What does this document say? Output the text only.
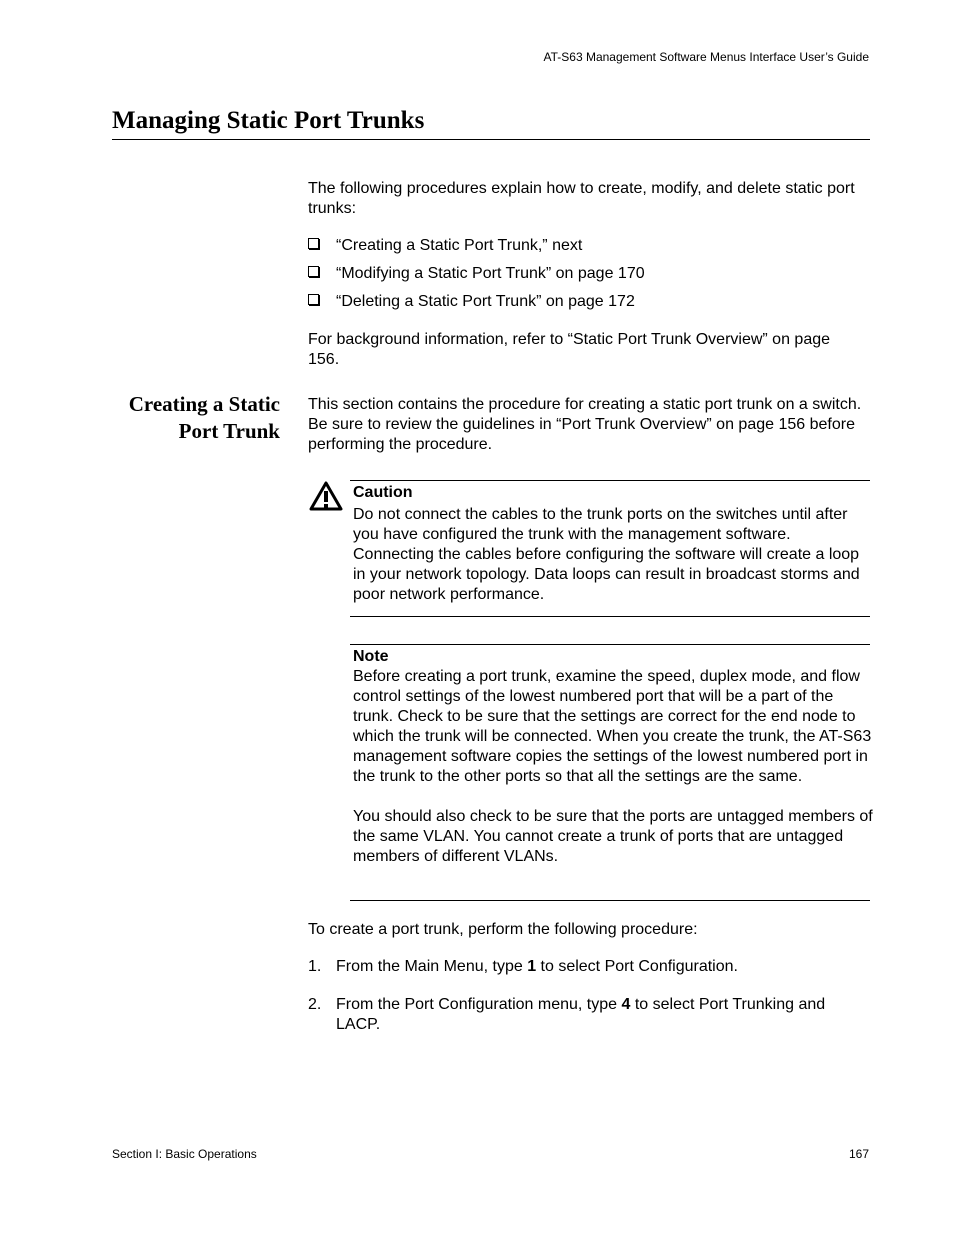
AT-S63 Management Software Menus Interface User’s Guide
Managing Static Port Trunks
The following procedures explain how to create, modify, and delete static port trunks:
“Creating a Static Port Trunk,” next
“Modifying a Static Port Trunk” on page 170
“Deleting a Static Port Trunk” on page 172
For background information, refer to “Static Port Trunk Overview” on page 156.
Creating a Static
Port Trunk
This section contains the procedure for creating a static port trunk on a switch. Be sure to review the guidelines in “Port Trunk Overview” on page 156 before performing the procedure.
Caution
Do not connect the cables to the trunk ports on the switches until after you have configured the trunk with the management software. Connecting the cables before configuring the software will create a loop in your network topology. Data loops can result in broadcast storms and poor network performance.
Note
Before creating a port trunk, examine the speed, duplex mode, and flow control settings of the lowest numbered port that will be a part of the trunk. Check to be sure that the settings are correct for the end node to which the trunk will be connected. When you create the trunk, the AT-S63 management software copies the settings of the lowest numbered port in the trunk to the other ports so that all the settings are the same.
You should also check to be sure that the ports are untagged members of the same VLAN. You cannot create a trunk of ports that are untagged members of different VLANs.
To create a port trunk, perform the following procedure:
1. From the Main Menu, type 1 to select Port Configuration.
2. From the Port Configuration menu, type 4 to select Port Trunking and LACP.
Section I: Basic Operations	167
